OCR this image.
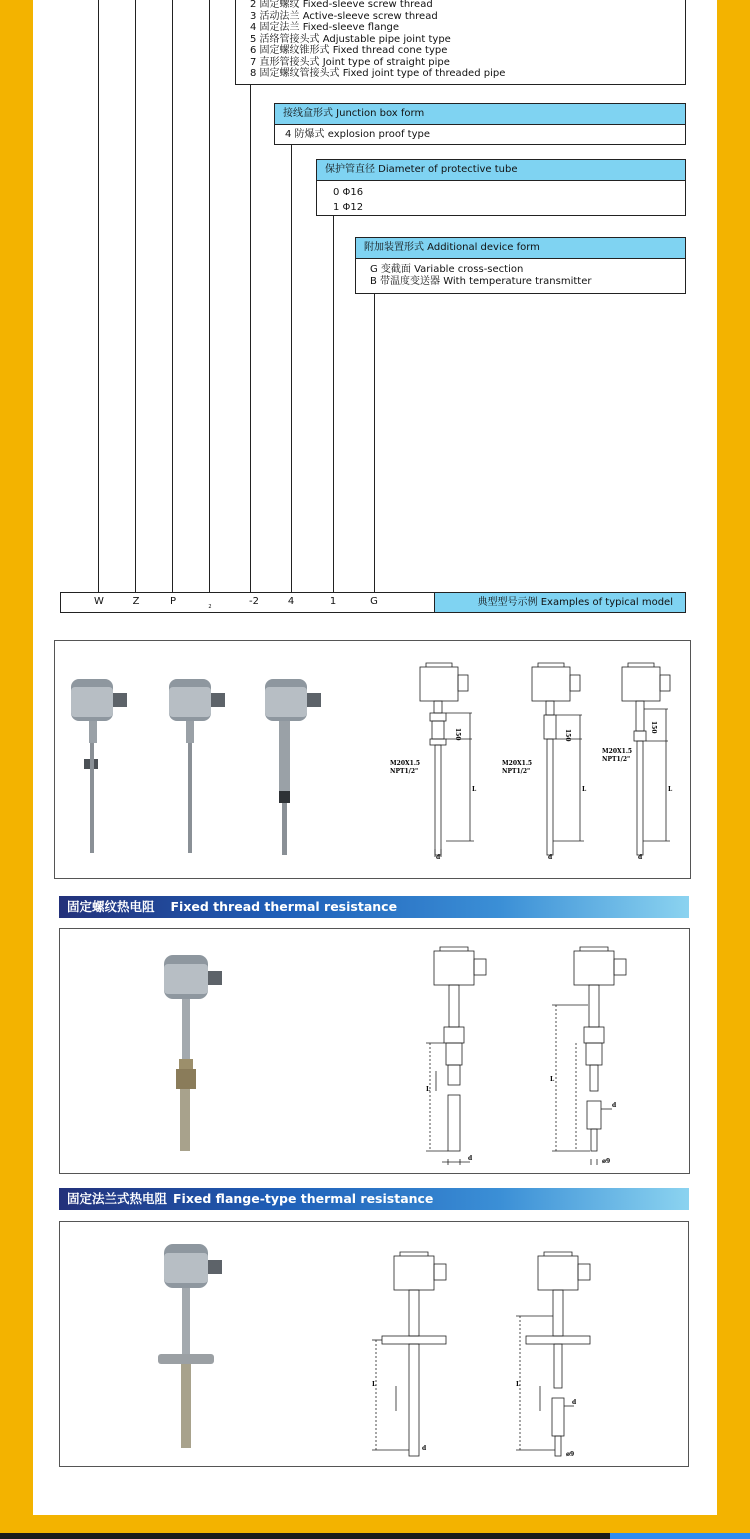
2 固定螺纹 Fixed-sleeve screw thread
3 活动法兰 Active-sleeve screw thread
4 固定法兰 Fixed-sleeve flange
5 活络管接头式 Adjustable pipe joint type
6 固定螺纹锥形式 Fixed thread cone type
7 直形管接头式 Joint type of straight pipe
8 固定螺纹管接头式 Fixed joint type of threaded pipe
接线盒形式 Junction box form
4 防爆式 explosion proof type
保护管直径 Diameter of protective tube
0 Φ16
1 Φ12
附加装置形式 Additional device form
G 变截面 Variable cross-section
B 带温度变送器 With temperature transmitter
典型型号示例 Examples of typical model
W	Z	P	2	-2	4	1	G
150
L
M20X1.5
NPT1/2"
d
150
L
M20X1.5
NPT1/2"
d
150
L
M20X1.5
NPT1/2"
d
固定螺纹热电阻 Fixed thread thermal resistance
L
d
L
d
ø9
固定法兰式热电阻 Fixed flange-type thermal resistance
L
d
L
d
ø9
